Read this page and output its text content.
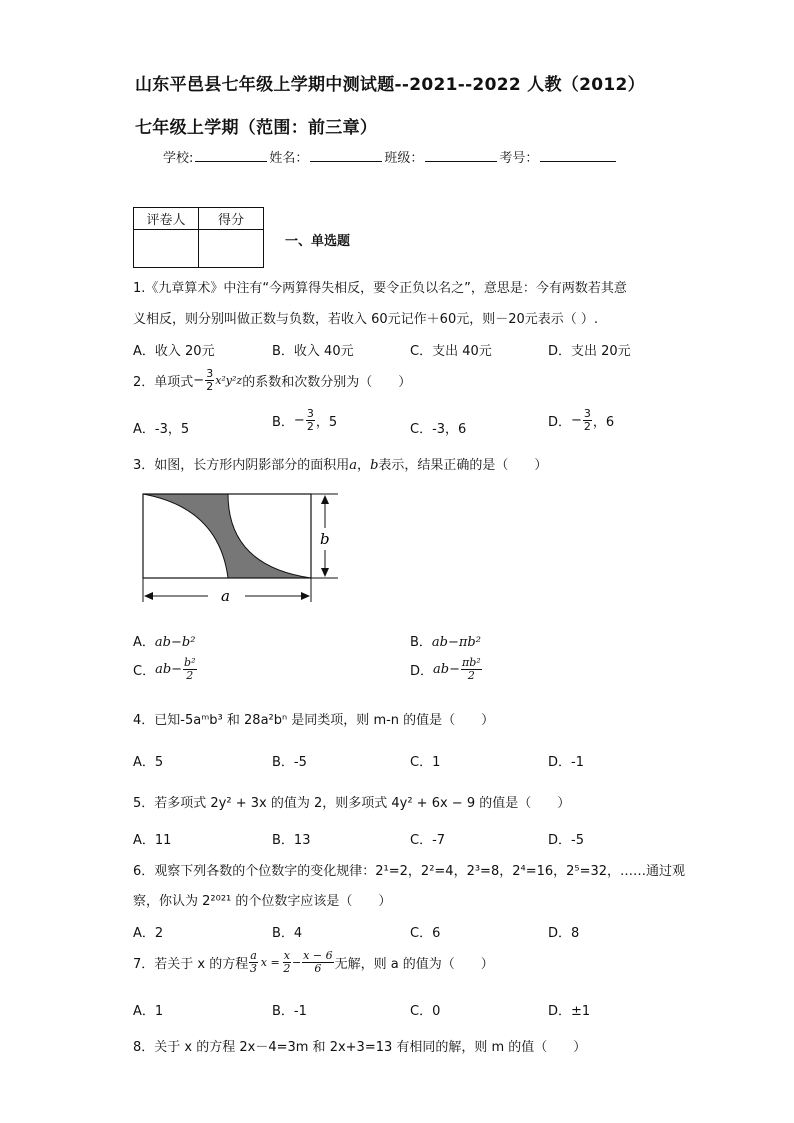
山东平邑县七年级上学期中测试题--2021--2022 人教（2012）
七年级上学期（范围：前三章）
学校:	姓名：	班级：	考号：
评卷人	得分

一、单选题
1.《九章算术》中注有“今两算得失相反，要令正负以名之”，意思是：今有两数若其意
义相反，则分别叫做正数与负数，若收入 60元记作＋60元，则－20元表示（ ）.
A．收入 20元	B．收入 40元	C．支出 40元	D．支出 20元
2．单项式 − $\frac{3}{2} x^2y^2z$ 的系数和次数分别为（　　）
A．-3，5	B． − $\frac{3}{2}$ ，5	C．-3，6	D． − $\frac{3}{2}$ ，6
3．如图，长方形内阴影部分的面积用a，b表示，结果正确的是（　　）
b
a
A．ab−b²	B．ab−πb²
C． $ab- \frac{\text{b²}}{2}$	D． $ab- \frac{\text{πb²}}{2}$
4．已知-5aᵐb³ 和 28a²bⁿ 是同类项，则 m-n 的值是（　　）
A．5	B．-5	C．1	D．-1
5．若多项式 2y² + 3x 的值为 2，则多项式 4y² + 6x − 9 的值是（　　）
A．11	B．13	C．-7	D．-5
6．观察下列各数的个位数字的变化规律：2¹=2，2²=4，2³=8，2⁴=16，2⁵=32，……通过观
察，你认为 2²⁰²¹ 的个位数字应该是（　　）
A．2	B．4	C．6	D．8
7．若关于 x 的方程 $\frac{a}{3}$ $x = \frac{x}{2} - \frac{x - 6}{6}$ 无解，则 a 的值为（　　）
A．1	B．-1	C．0	D．±1
8．关于 x 的方程 2x－4=3m 和 2x+3=13 有相同的解，则 m 的值（　　）
